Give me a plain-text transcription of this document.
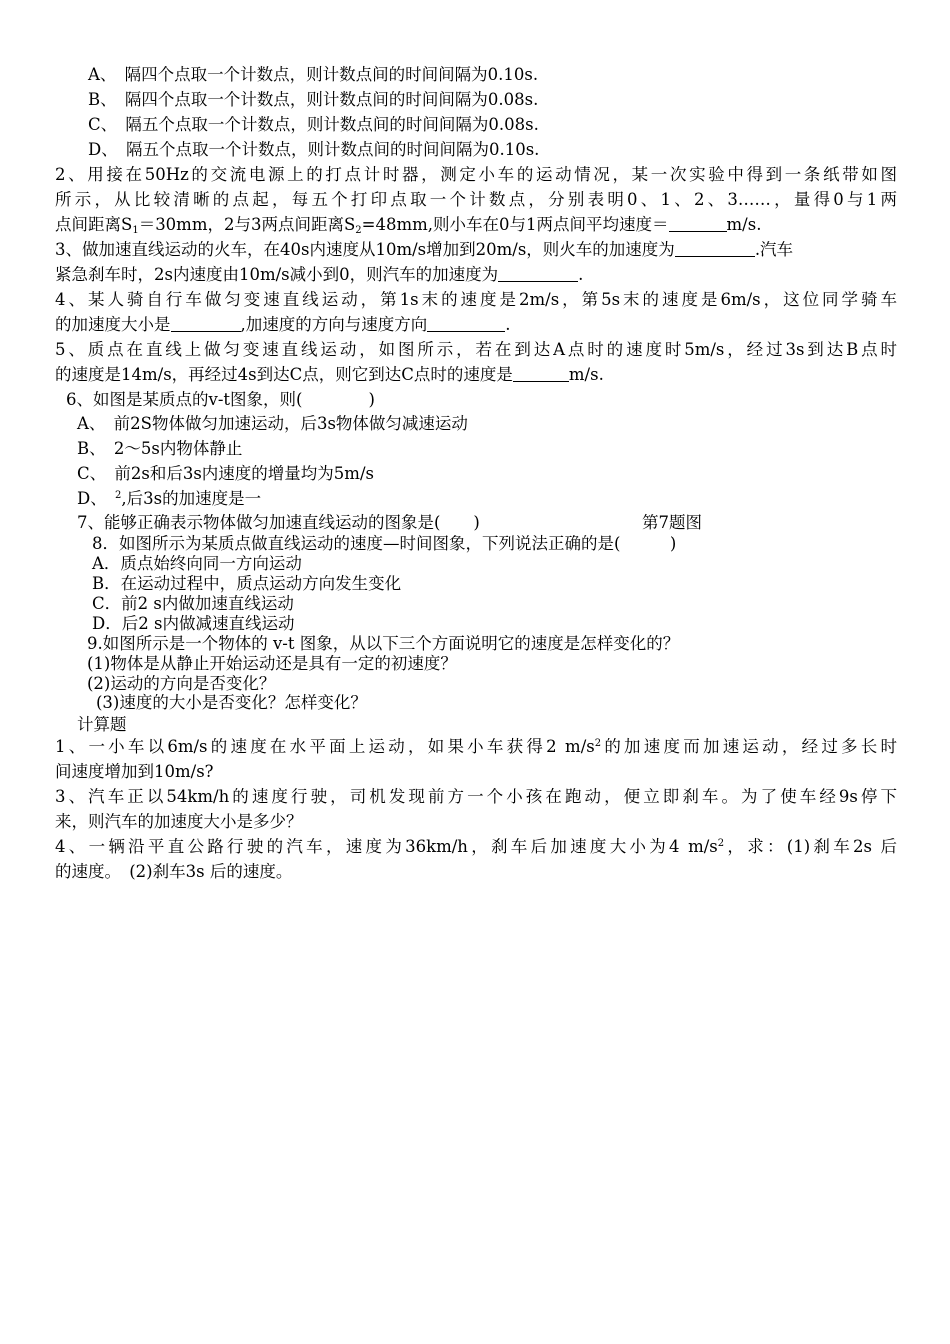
A、　隔四个点取一个计数点，则计数点间的时间间隔为0.10s.
B、　隔四个点取一个计数点，则计数点间的时间间隔为0.08s.
C、　隔五个点取一个计数点，则计数点间的时间间隔为0.08s.
D、　隔五个点取一个计数点，则计数点间的时间间隔为0.10s.
2、用接在50Hz的交流电源上的打点计时器，测定小车的运动情况，某一次实验中得到一条纸带如图
所示，从比较清晰的点起，每五个打印点取一个计数点，分别表明0、1、2、3……，量得0与1两
点间距离$S_1=30mm$，2与3两点间距离$S_2=48mm$,则小车在0与1两点间平均速度＝	m/s.
3、做加速直线运动的火车，在40s内速度从10m/s增加到20m/s，则火车的加速度为	.汽车
紧急刹车时，2s内速度由10m/s减小到0，则汽车的加速度为	.
4、某人骑自行车做匀变速直线运动，第1s末的速度是2m/s，第5s末的速度是6m/s，这位同学骑车
的加速度大小是	,加速度的方向与速度方向	.
5、质点在直线上做匀变速直线运动，如图所示，若在到达A点时的速度时5m/s，经过3s到达B点时
的速度是14m/s，再经过4s到达C点，则它到达C点时的速度是	m/s.
6、如图是某质点的v-t图象，则(　　　　)
A、　前2S物体做匀加速运动，后3s物体做匀减速运动
B、　2～5s内物体静止
C、　前2s和后3s内速度的增量均为5m/s
D、　$^2$,后3s的加速度是一
7、能够正确表示物体做匀加速直线运动的图象是(　　)	第7题图
8．如图所示为某质点做直线运动的速度—时间图象，下列说法正确的是(　　　)
A．质点始终向同一方向运动
B．在运动过程中，质点运动方向发生变化
C．前2 s内做加速直线运动
D．后2 s内做减速直线运动
9.如图所示是一个物体的 v-t 图象，从以下三个方面说明它的速度是怎样变化的？
(1)物体是从静止开始运动还是具有一定的初速度？
(2)运动的方向是否变化？
(3)速度的大小是否变化？怎样变化？
计算题
1、一小车以6m/s的速度在水平面上运动，如果小车获得2 $m/s^2$的加速度而加速运动，经过多长时
间速度增加到10m/s?
3、汽车正以54km/h的速度行驶，司机发现前方一个小孩在跑动，便立即刹车。为了使车经9s停下
来，则汽车的加速度大小是多少？
4、一辆沿平直公路行驶的汽车，速度为36km/h，刹车后加速度大小为4 $m/s^2$，求：(1)刹车2s 后
的速度。　(2)刹车3s 后的速度。
